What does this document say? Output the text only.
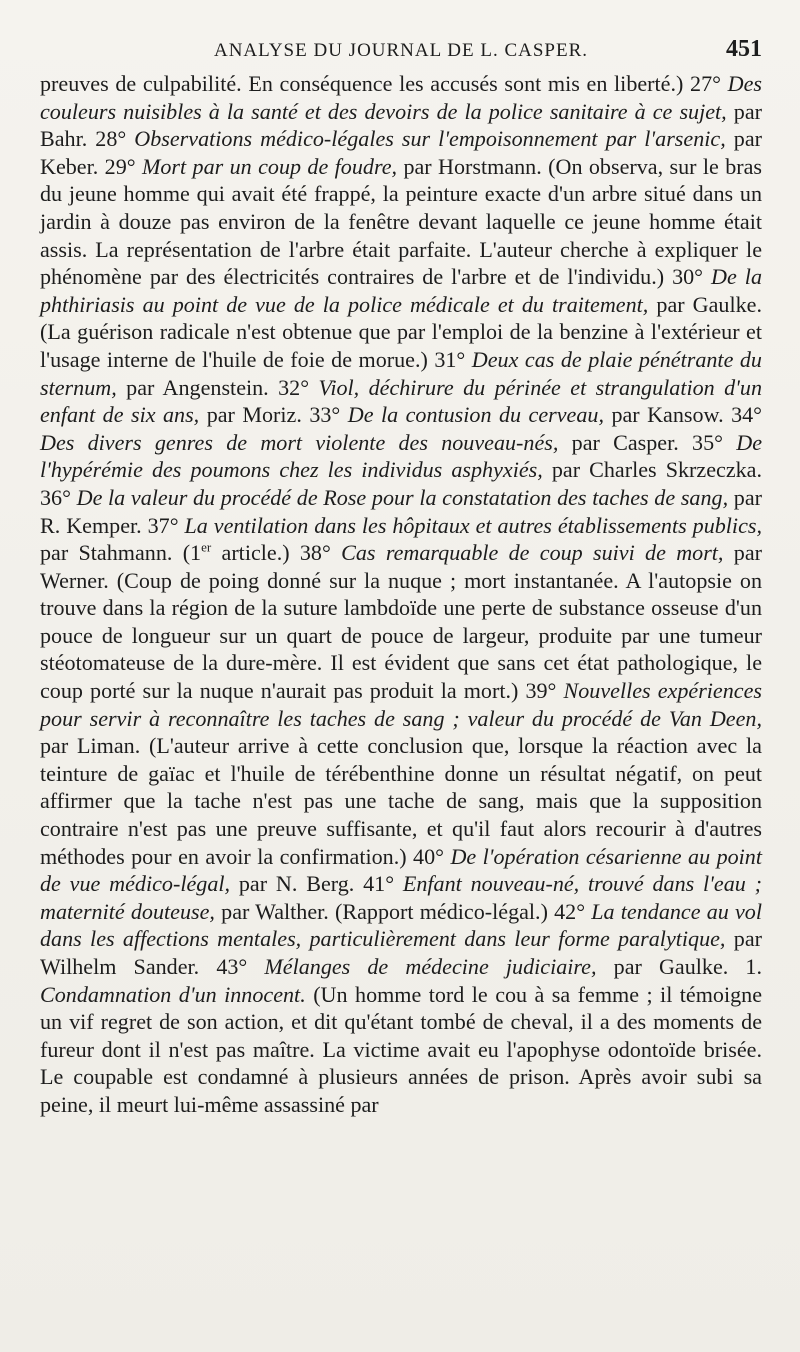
ANALYSE DU JOURNAL DE L. CASPER.	451

preuves de culpabilité. En conséquence les accusés sont mis en liberté.) 27° Des couleurs nuisibles à la santé et des devoirs de la police sanitaire à ce sujet, par Bahr. 28° Observations médico-légales sur l'empoisonnement par l'arsenic, par Keber. 29° Mort par un coup de foudre, par Horstmann. (On observa, sur le bras du jeune homme qui avait été frappé, la peinture exacte d'un arbre situé dans un jardin à douze pas environ de la fenêtre devant laquelle ce jeune homme était assis. La représentation de l'arbre était parfaite. L'auteur cherche à expliquer le phénomène par des électricités contraires de l'arbre et de l'individu.) 30° De la phthiriasis au point de vue de la police médicale et du traitement, par Gaulke. (La guérison radicale n'est obtenue que par l'emploi de la benzine à l'extérieur et l'usage interne de l'huile de foie de morue.) 31° Deux cas de plaie pénétrante du sternum, par Angenstein. 32° Viol, déchirure du périnée et strangulation d'un enfant de six ans, par Moriz. 33° De la contusion du cerveau, par Kansow. 34° Des divers genres de mort violente des nouveau-nés, par Casper. 35° De l'hypérémie des poumons chez les individus asphyxiés, par Charles Skrzeczka. 36° De la valeur du procédé de Rose pour la constatation des taches de sang, par R. Kemper. 37° La ventilation dans les hôpitaux et autres établissements publics, par Stahmann. (1er article.) 38° Cas remarquable de coup suivi de mort, par Werner. (Coup de poing donné sur la nuque ; mort instantanée. A l'autopsie on trouve dans la région de la suture lambdoïde une perte de substance osseuse d'un pouce de longueur sur un quart de pouce de largeur, produite par une tumeur stéotomateuse de la dure-mère. Il est évident que sans cet état pathologique, le coup porté sur la nuque n'aurait pas produit la mort.) 39° Nouvelles expériences pour servir à reconnaître les taches de sang ; valeur du procédé de Van Deen, par Liman. (L'auteur arrive à cette conclusion que, lorsque la réaction avec la teinture de gaïac et l'huile de térébenthine donne un résultat négatif, on peut affirmer que la tache n'est pas une tache de sang, mais que la supposition contraire n'est pas une preuve suffisante, et qu'il faut alors recourir à d'autres méthodes pour en avoir la confirmation.) 40° De l'opération césarienne au point de vue médico-légal, par N. Berg. 41° Enfant nouveau-né, trouvé dans l'eau ; maternité douteuse, par Walther. (Rapport médico-légal.) 42° La tendance au vol dans les affections mentales, particulièrement dans leur forme paralytique, par Wilhelm Sander. 43° Mélanges de médecine judiciaire, par Gaulke. 1. Condamnation d'un innocent. (Un homme tord le cou à sa femme ; il témoigne un vif regret de son action, et dit qu'étant tombé de cheval, il a des moments de fureur dont il n'est pas maître. La victime avait eu l'apophyse odontoïde brisée. Le coupable est condamné à plusieurs années de prison. Après avoir subi sa peine, il meurt lui-même assassiné par
